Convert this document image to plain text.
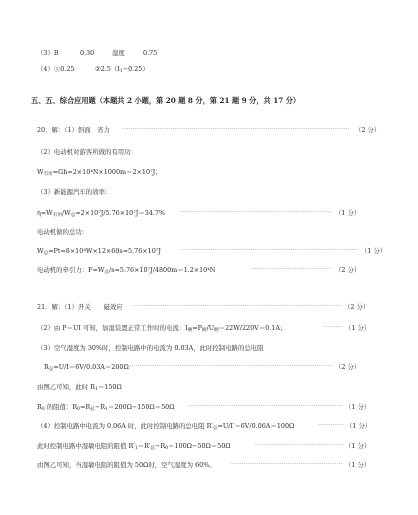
（3）B	0.30	湿度	0.75
（4）①0.25	$②2.5(I_1-0.25)$
五、五、综合应用题（本题共 2 小题，第 20 题 8 分，第 21 题 9 分，共 17 分）
20．解：（1）斜面　省力 ·····	（2 分）
（2）电动机对游客所做的有用功：
$W_{有用}=Gh=2\times 10^4N\times 1000m=2\times 10^7J$；
（3）新能源汽车的效率：
$\eta=W_{有用}/W_总=2\times 10^7J/5.76\times 10^7J=34.7\%$ ·····	（1 分）
电动机做的总功：
$W_总=Pt=8\times 10^4W\times 12\times 60s=5.76\times 10^7J$ ·····	（1 分）
电动机的牵引力：$F=W_总/s=5.76\times 10^7J/4800m=1.2\times 10^4N$ ·····	（2 分）
21．解：（1）开关　　磁效应 ·····	（2 分）
（2）由 P＝UI 可知，加湿装置正常工作时的电流：$I_额=P_额/U_额=22W/220V=0.1A$； ·····	（1 分）
（3）空气湿度为 30%时，控制电路中的电流为 0.03A，此时控制电路的总电阻
$R_总=U/I=6V/0.03A=200\Omega$ ·····	（2 分）
由图乙可知，此时 $R_1=150\Omega$
$R_0$ 的阻值：$R_0=R_总-R_1=200\Omega-150\Omega=50\Omega$ ·····	（1 分）
（4）控制电路中电流为 0.06A 时，此时控制电路的总电阻 $R'_总=U/I'=6V/0.06A=100\Omega$ ·····	（1 分）
此时控制电路中湿敏电阻的阻值 $R'_1=R'_总-R_0=100\Omega-50\Omega=50\Omega$ ·····	（1 分）
由图乙可知，当湿敏电阻的阻值为 50Ω时，空气湿度为 60%。 ·····	（1 分）
